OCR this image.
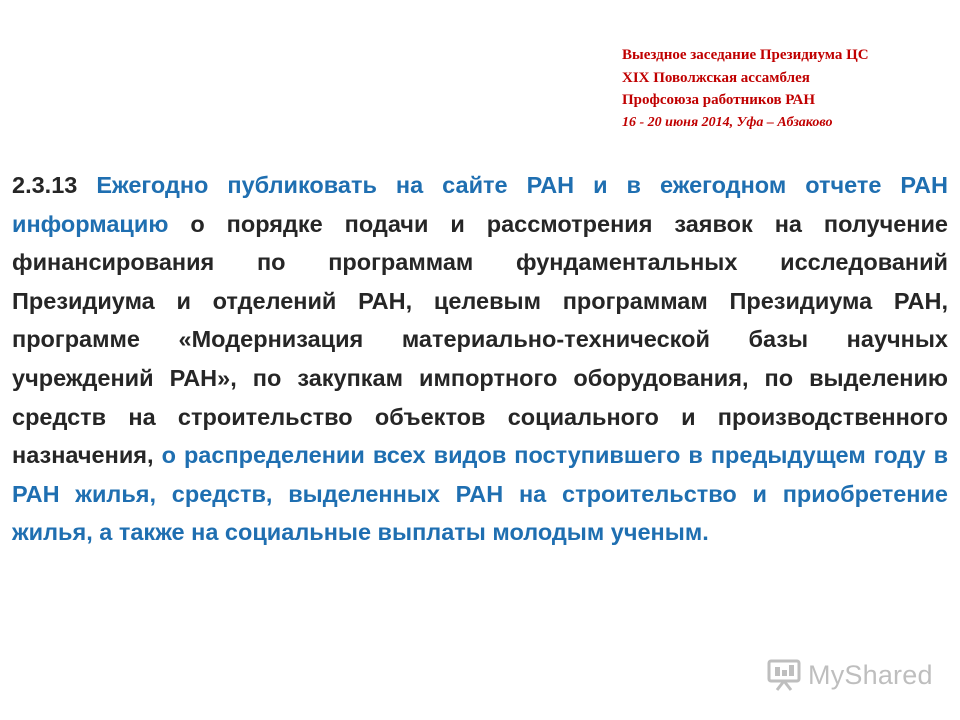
Выездное заседание Президиума ЦС
XIX Поволжская ассамблея
Профсоюза работников РАН
16 - 20 июня 2014, Уфа – Абзаково
2.3.13 Ежегодно публиковать на сайте РАН и в ежегодном отчете РАН информацию о порядке подачи и рассмотрения заявок на получение финансирования по программам фундаментальных исследований Президиума и отделений РАН, целевым программам Президиума РАН, программе «Модернизация материально-технической базы научных учреждений РАН», по закупкам импортного оборудования, по выделению средств на строительство объектов социального и производственного назначения, о распределении всех видов поступившего в предыдущем году в РАН жилья, средств, выделенных РАН на строительство и приобретение жилья, а также на социальные выплаты молодым ученым.
MyShared
